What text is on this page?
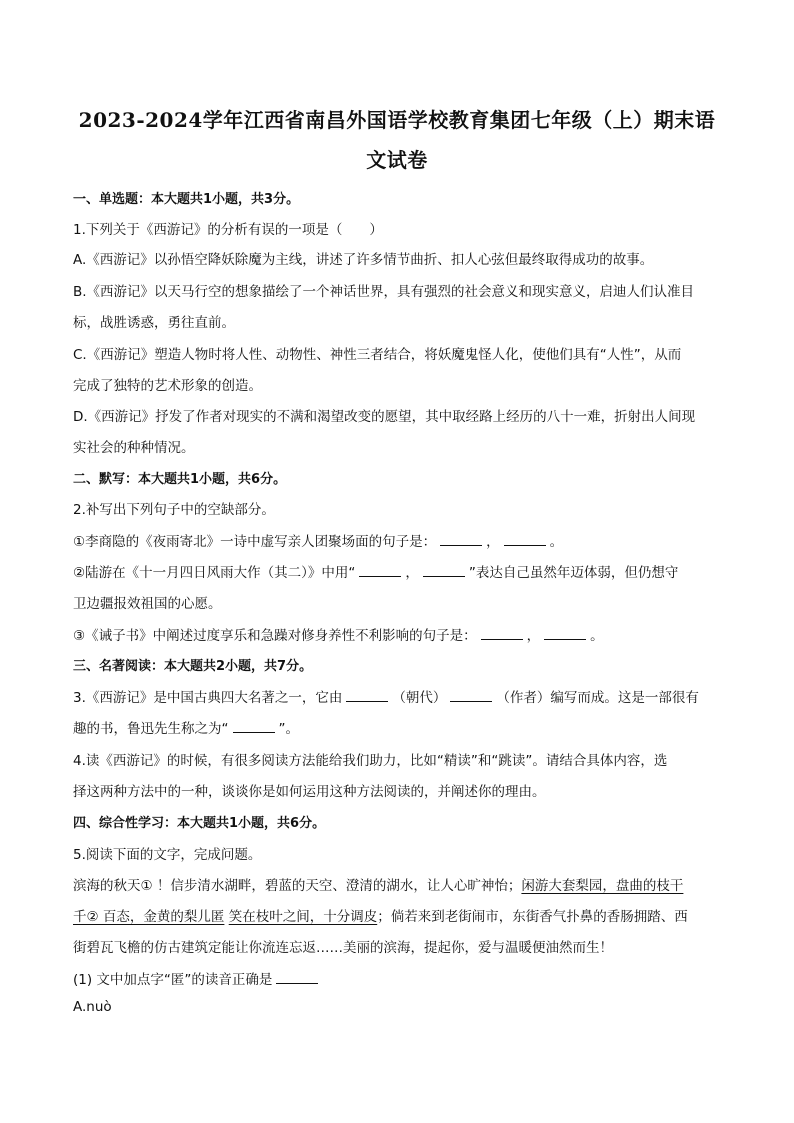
2023-2024学年江西省南昌外国语学校教育集团七年级（上）期末语
文试卷
一、单选题：本大题共1小题，共3分。
1.下列关于《西游记》的分析有误的一项是（　　）
A.《西游记》以孙悟空降妖除魔为主线，讲述了许多情节曲折、扣人心弦但最终取得成功的故事。
B.《西游记》以天马行空的想象描绘了一个神话世界，具有强烈的社会意义和现实意义，启迪人们认准目
标，战胜诱惑，勇往直前。
C.《西游记》塑造人物时将人性、动物性、神性三者结合，将妖魔鬼怪人化，使他们具有“人性”，从而
完成了独特的艺术形象的创造。
D.《西游记》抒发了作者对现实的不满和渴望改变的愿望，其中取经路上经历的八十一难，折射出人间现
实社会的种种情况。
二、默写：本大题共1小题，共6分。
2.补写出下列句子中的空缺部分。
①李商隐的《夜雨寄北》一诗中虚写亲人团聚场面的句子是：	，	。
②陆游在《十一月四日风雨大作（其二）》中用“	，	”表达自己虽然年迈体弱，但仍想守
卫边疆报效祖国的心愿。
③《诫子书》中阐述过度享乐和急躁对修身养性不利影响的句子是：	，	。
三、名著阅读：本大题共2小题，共7分。
3.《西游记》是中国古典四大名著之一，它由	（朝代）	（作者）编写而成。这是一部很有
趣的书，鲁迅先生称之为“	”。
4.读《西游记》的时候，有很多阅读方法能给我们助力，比如“精读”和“跳读”。请结合具体内容，选
择这两种方法中的一种，谈谈你是如何运用这种方法阅读的，并阐述你的理由。
四、综合性学习：本大题共1小题，共6分。
5.阅读下面的文字，完成问题。
滨海的秋天① ！信步清水湖畔，碧蓝的天空、澄清的湖水，让人心旷神怡；闲游大套梨园，盘曲的枝干
千② 百态，金黄的梨儿匿 笑在枝叶之间，十分调皮；倘若来到老街闹市，东街香气扑鼻的香肠拥踏、西
街碧瓦飞檐的仿古建筑定能让你流连忘返……美丽的滨海，提起你，爱与温暖便油然而生！
(1) 文中加点字“匿”的读音正确是
A.nuò
